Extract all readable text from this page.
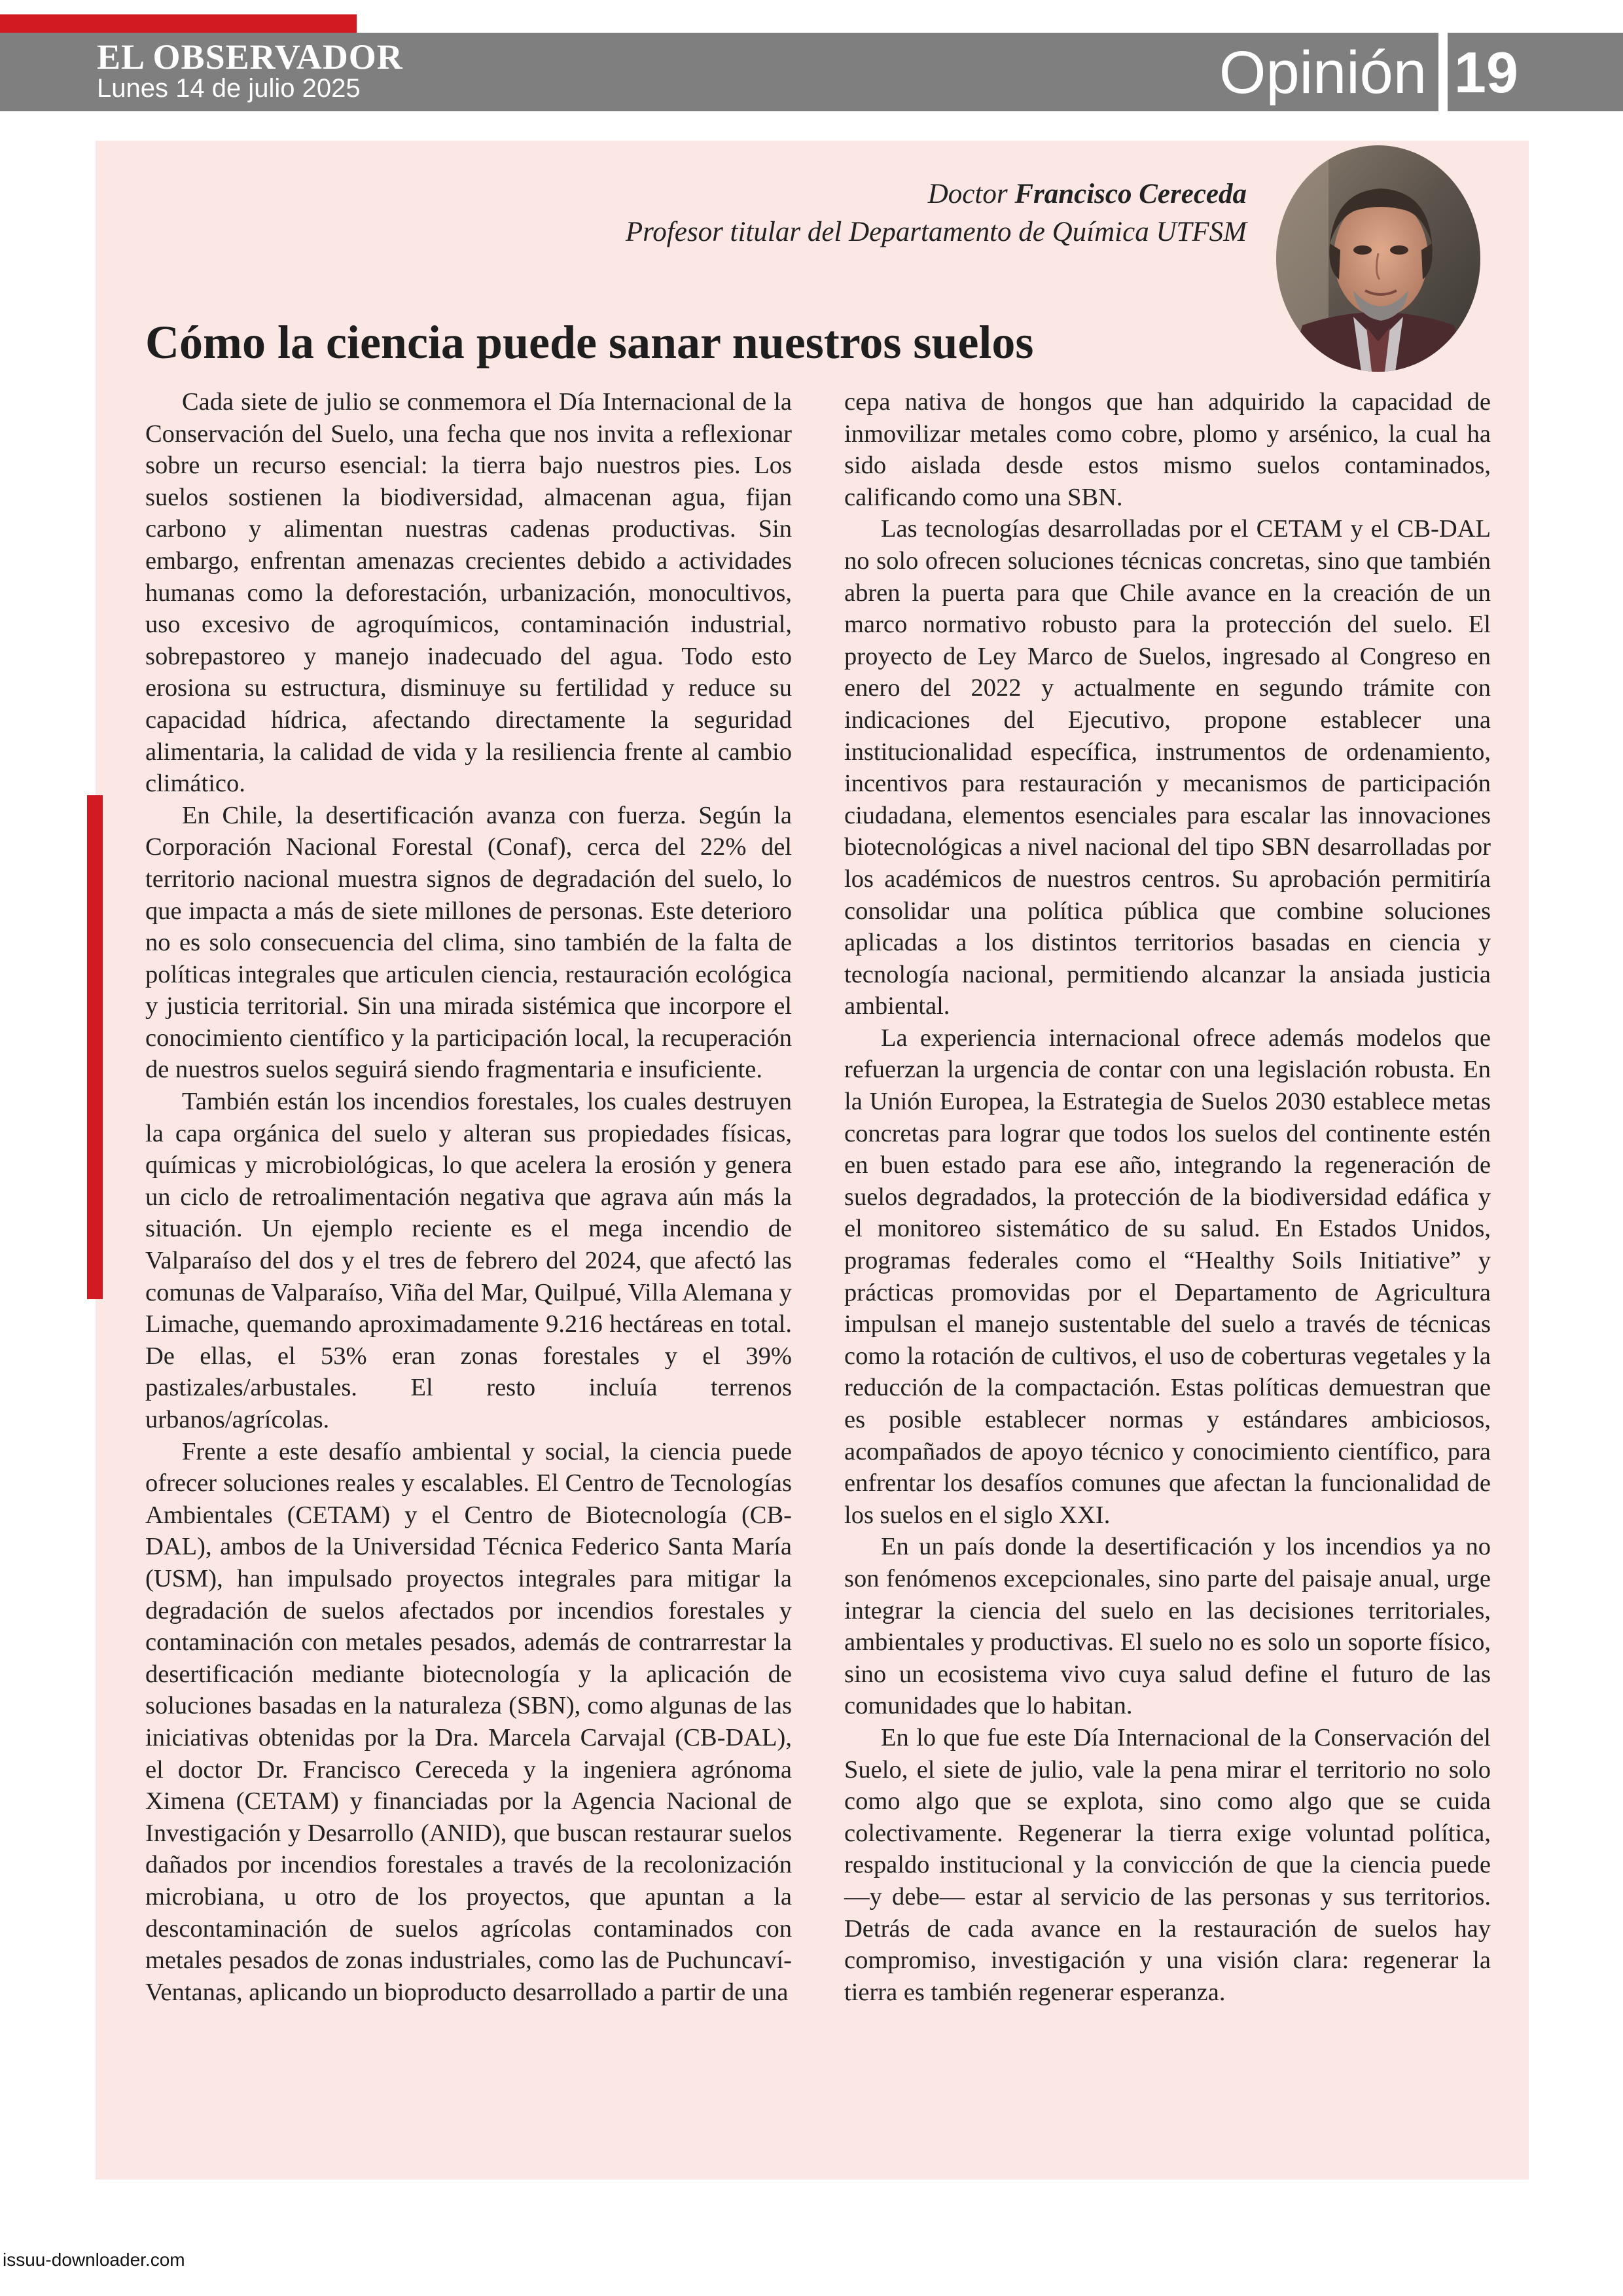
EL OBSERVADOR
Lunes 14 de julio 2025	Opinión 19
Doctor Francisco Cereceda
Profesor titular del Departamento de Química UTFSM
Cómo la ciencia puede sanar nuestros suelos

Cada siete de julio se conmemora el Día Internacional de la Conservación del Suelo, una fecha que nos invita a reflexionar sobre un recurso esencial: la tierra bajo nuestros pies. Los suelos sostienen la biodiversidad, almacenan agua, fijan carbono y alimentan nuestras cadenas productivas. Sin embargo, enfrentan amenazas crecientes debido a actividades humanas como la deforestación, urbanización, monocultivos, uso excesivo de agroquímicos, contaminación industrial, sobrepastoreo y manejo inadecuado del agua. Todo esto erosiona su estructura, disminuye su fertilidad y reduce su capacidad hídrica, afectando directamente la seguridad alimentaria, la calidad de vida y la resiliencia frente al cambio climático.

En Chile, la desertificación avanza con fuerza. Según la Corporación Nacional Forestal (Conaf), cerca del 22% del territorio nacional muestra signos de degradación del suelo, lo que impacta a más de siete millones de personas. Este deterioro no es solo consecuencia del clima, sino también de la falta de políticas integrales que articulen ciencia, restauración ecológica y justicia territorial. Sin una mirada sistémica que incorpore el conocimiento científico y la participación local, la recuperación de nuestros suelos seguirá siendo fragmentaria e insuficiente.

También están los incendios forestales, los cuales destruyen la capa orgánica del suelo y alteran sus propiedades físicas, químicas y microbiológicas, lo que acelera la erosión y genera un ciclo de retroalimentación negativa que agrava aún más la situación. Un ejemplo reciente es el mega incendio de Valparaíso del dos y el tres de febrero del 2024, que afectó las comunas de Valparaíso, Viña del Mar, Quilpué, Villa Alemana y Limache, quemando aproximadamente 9.216 hectáreas en total. De ellas, el 53% eran zonas forestales y el 39% pastizales/arbustales. El resto incluía terrenos urbanos/agrícolas.

Frente a este desafío ambiental y social, la ciencia puede ofrecer soluciones reales y escalables. El Centro de Tecnologías Ambientales (CETAM) y el Centro de Biotecnología (CB-DAL), ambos de la Universidad Técnica Federico Santa María (USM), han impulsado proyectos integrales para mitigar la degradación de suelos afectados por incendios forestales y contaminación con metales pesados, además de contrarrestar la desertificación mediante biotecnología y la aplicación de soluciones basadas en la naturaleza (SBN), como algunas de las iniciativas obtenidas por la Dra. Marcela Carvajal (CB-DAL), el doctor Dr. Francisco Cereceda y la ingeniera agrónoma Ximena (CETAM) y financiadas por la Agencia Nacional de Investigación y Desarrollo (ANID), que buscan restaurar suelos dañados por incendios forestales a través de la recolonización microbiana, u otro de los proyectos, que apuntan a la descontaminación de suelos agrícolas contaminados con metales pesados de zonas industriales, como las de Puchuncaví-Ventanas, aplicando un bioproducto desarrollado a partir de una

cepa nativa de hongos que han adquirido la capacidad de inmovilizar metales como cobre, plomo y arsénico, la cual ha sido aislada desde estos mismo suelos contaminados, calificando como una SBN.

Las tecnologías desarrolladas por el CETAM y el CB-DAL no solo ofrecen soluciones técnicas concretas, sino que también abren la puerta para que Chile avance en la creación de un marco normativo robusto para la protección del suelo. El proyecto de Ley Marco de Suelos, ingresado al Congreso en enero del 2022 y actualmente en segundo trámite con indicaciones del Ejecutivo, propone establecer una institucionalidad específica, instrumentos de ordenamiento, incentivos para restauración y mecanismos de participación ciudadana, elementos esenciales para escalar las innovaciones biotecnológicas a nivel nacional del tipo SBN desarrolladas por los académicos de nuestros centros. Su aprobación permitiría consolidar una política pública que combine soluciones aplicadas a los distintos territorios basadas en ciencia y tecnología nacional, permitiendo alcanzar la ansiada justicia ambiental.

La experiencia internacional ofrece además modelos que refuerzan la urgencia de contar con una legislación robusta. En la Unión Europea, la Estrategia de Suelos 2030 establece metas concretas para lograr que todos los suelos del continente estén en buen estado para ese año, integrando la regeneración de suelos degradados, la protección de la biodiversidad edáfica y el monitoreo sistemático de su salud. En Estados Unidos, programas federales como el “Healthy Soils Initiative” y prácticas promovidas por el Departamento de Agricultura impulsan el manejo sustentable del suelo a través de técnicas como la rotación de cultivos, el uso de coberturas vegetales y la reducción de la compactación. Estas políticas demuestran que es posible establecer normas y estándares ambiciosos, acompañados de apoyo técnico y conocimiento científico, para enfrentar los desafíos comunes que afectan la funcionalidad de los suelos en el siglo XXI.

En un país donde la desertificación y los incendios ya no son fenómenos excepcionales, sino parte del paisaje anual, urge integrar la ciencia del suelo en las decisiones territoriales, ambientales y productivas. El suelo no es solo un soporte físico, sino un ecosistema vivo cuya salud define el futuro de las comunidades que lo habitan.

En lo que fue este Día Internacional de la Conservación del Suelo, el siete de julio, vale la pena mirar el territorio no solo como algo que se explota, sino como algo que se cuida colectivamente. Regenerar la tierra exige voluntad política, respaldo institucional y la convicción de que la ciencia puede —y debe— estar al servicio de las personas y sus territorios. Detrás de cada avance en la restauración de suelos hay compromiso, investigación y una visión clara: regenerar la tierra es también regenerar esperanza.

issuu-downloader.com
